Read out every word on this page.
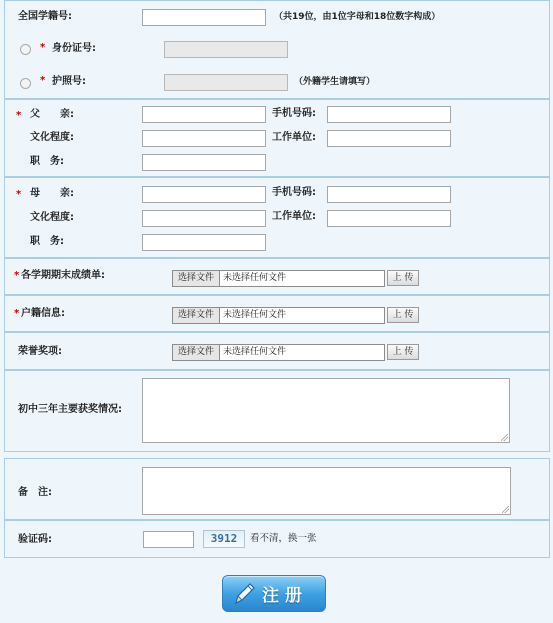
全国学籍号:	（共19位，由1位字母和18位数字构成）
* 身份证号:
* 护照号:	（外籍学生请填写）
* 父　　亲:	手机号码:
文化程度:	工作单位:
职　务:
* 母　　亲:	手机号码:
文化程度:	工作单位:
职　务:
* 各学期期末成绩单:	选择文件	未选择任何文件	上 传
* 户籍信息:	选择文件	未选择任何文件	上 传
荣誉奖项:	选择文件	未选择任何文件	上 传
初中三年主要获奖情况:
备　注:
验证码:	3912	看不清，换一张
注册
